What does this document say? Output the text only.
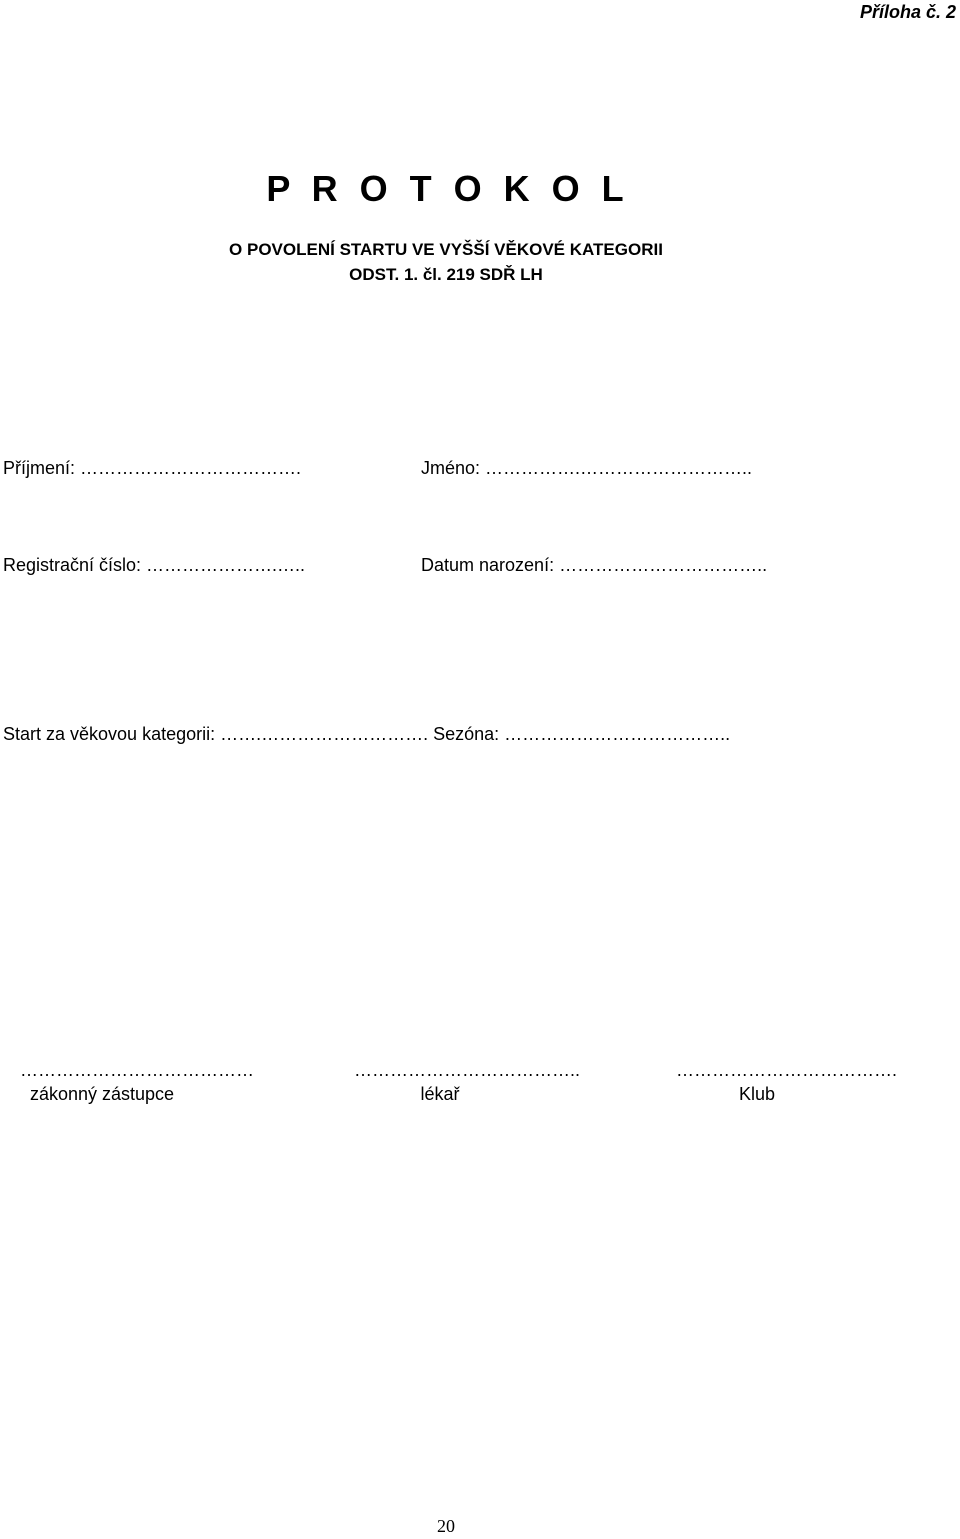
Příloha č. 2
P R O T O K O L
O POVOLENÍ STARTU VE VYŠŠÍ VĚKOVÉ KATEGORII
ODST. 1. čl. 219 SDŘ LH
Příjmení: ……………………………….	Jméno: …………….………………………..
Registrační číslo: ………………….…..	Datum narození: ……………………………..
Start za věkovou kategorii: …….………………………. Sezóna: ………………………………..
…………………………………
zákonný zástupce
………………………………..
lékař
……………………………….
Klub
20
